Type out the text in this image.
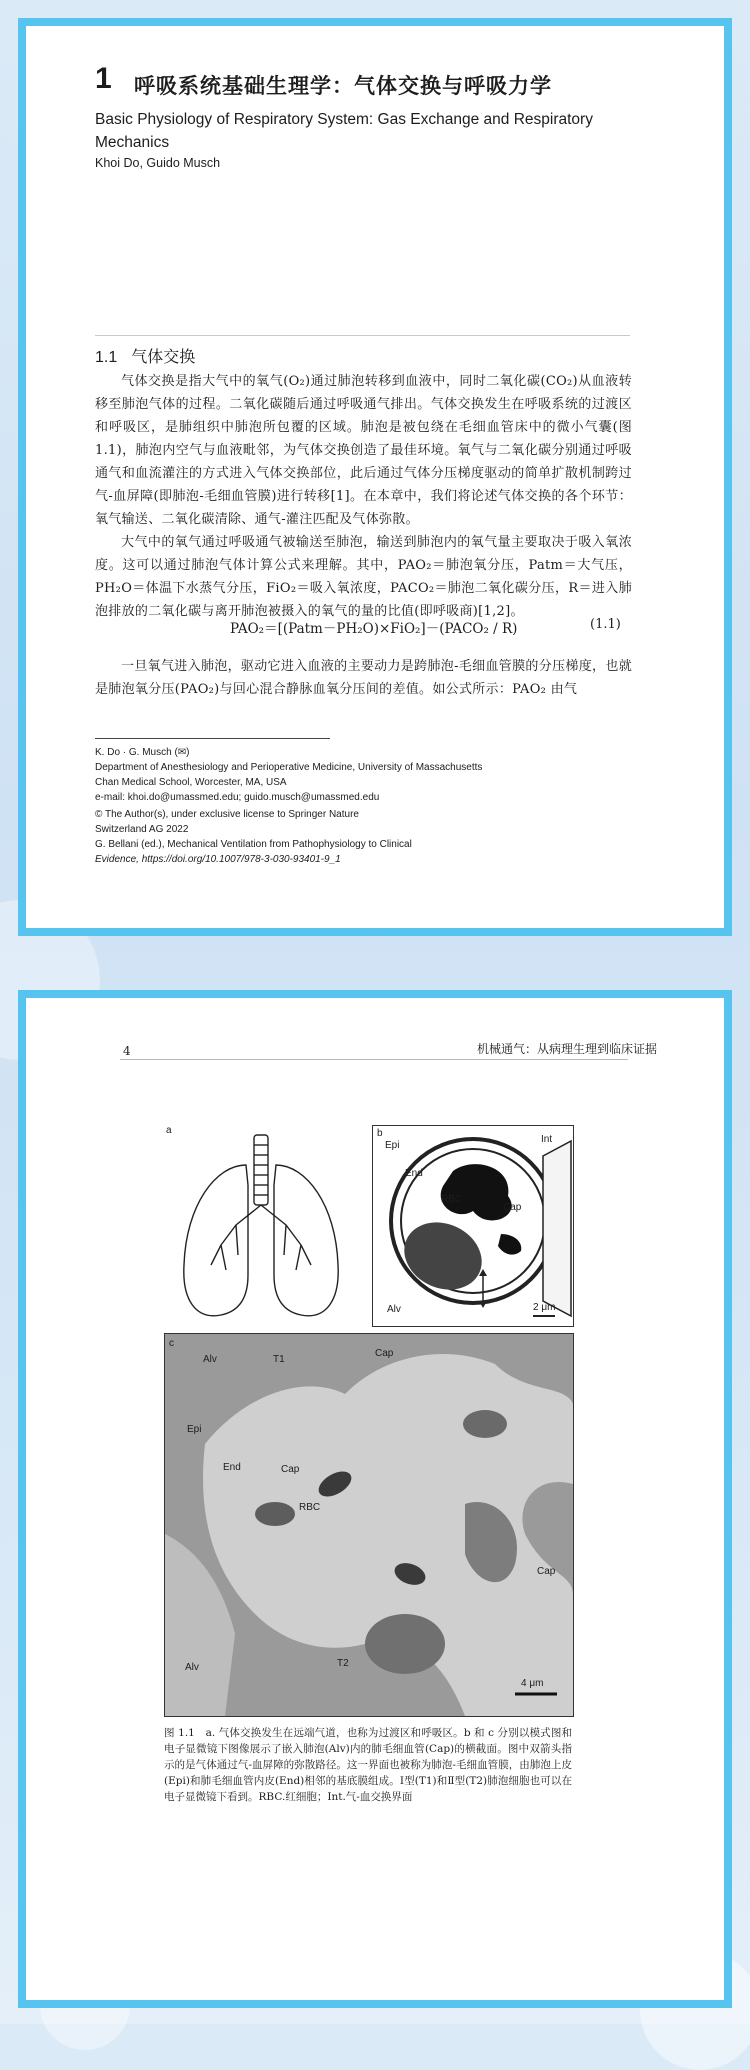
1 呼吸系统基础生理学：气体交换与呼吸力学
Basic Physiology of Respiratory System: Gas Exchange and Respiratory Mechanics
Khoi Do, Guido Musch
1.1 气体交换

气体交换是指大气中的氧气(O₂)通过肺泡转移到血液中，同时二氧化碳(CO₂)从血液转移至肺泡气体的过程。二氧化碳随后通过呼吸通气排出。气体交换发生在呼吸系统的过渡区和呼吸区，是肺组织中肺泡所包覆的区域。肺泡是被包绕在毛细血管床中的微小气囊(图 1.1)，肺泡内空气与血液毗邻，为气体交换创造了最佳环境。氧气与二氧化碳分别通过呼吸通气和血流灌注的方式进入气体交换部位，此后通过气体分压梯度驱动的简单扩散机制跨过气-血屏障(即肺泡-毛细血管膜)进行转移[1]。在本章中，我们将论述气体交换的各个环节：氧气输送、二氧化碳清除、通气-灌注匹配及气体弥散。

大气中的氧气通过呼吸通气被输送至肺泡，输送到肺泡内的氧气量主要取决于吸入氧浓度。这可以通过肺泡气体计算公式来理解。其中，PAO₂＝肺泡氧分压，Patm＝大气压，PH₂O＝体温下水蒸气分压，FiO₂＝吸入氧浓度，PACO₂＝肺泡二氧化碳分压，R＝进入肺泡排放的二氧化碳与离开肺泡被摄入的氧气的量的比值(即呼吸商)[1,2]。

PAO₂＝[(Patm－PH₂O)×FiO₂]－(PACO₂ / R)	(1.1)

一旦氧气进入肺泡，驱动它进入血液的主要动力是跨肺泡-毛细血管膜的分压梯度，也就是肺泡氧分压(PAO₂)与回心混合静脉血氧分压间的差值。如公式所示：PAO₂ 由气

K. Do · G. Musch (✉)
Department of Anesthesiology and Perioperative Medicine, University of Massachusetts
Chan Medical School, Worcester, MA, USA
e-mail: khoi.do@umassmed.edu; guido.musch@umassmed.edu
© The Author(s), under exclusive license to Springer Nature
Switzerland AG 2022
G. Bellani (ed.), Mechanical Ventilation from Pathophysiology to Clinical
Evidence, https://doi.org/10.1007/978-3-030-93401-9_1
4	机械通气：从病理生理到临床证据
a	b
Epi
Int
End
RBC
Cap
Alv	2 μm
c
Alv	T1
Cap
Epi
End	Cap
RBC
Cap
Alv	T2
4 μm
图 1.1　a. 气体交换发生在远端气道，也称为过渡区和呼吸区。b 和 c 分别以模式图和电子显微镜下图像展示了嵌入肺泡(Alv)内的肺毛细血管(Cap)的横截面。图中双箭头指示的是气体通过气-血屏障的弥散路径。这一界面也被称为肺泡-毛细血管膜，由肺泡上皮(Epi)和肺毛细血管内皮(End)相邻的基底膜组成。Ⅰ型(T1)和Ⅱ型(T2)肺泡细胞也可以在电子显微镜下看到。RBC.红细胞；Int.气-血交换界面
